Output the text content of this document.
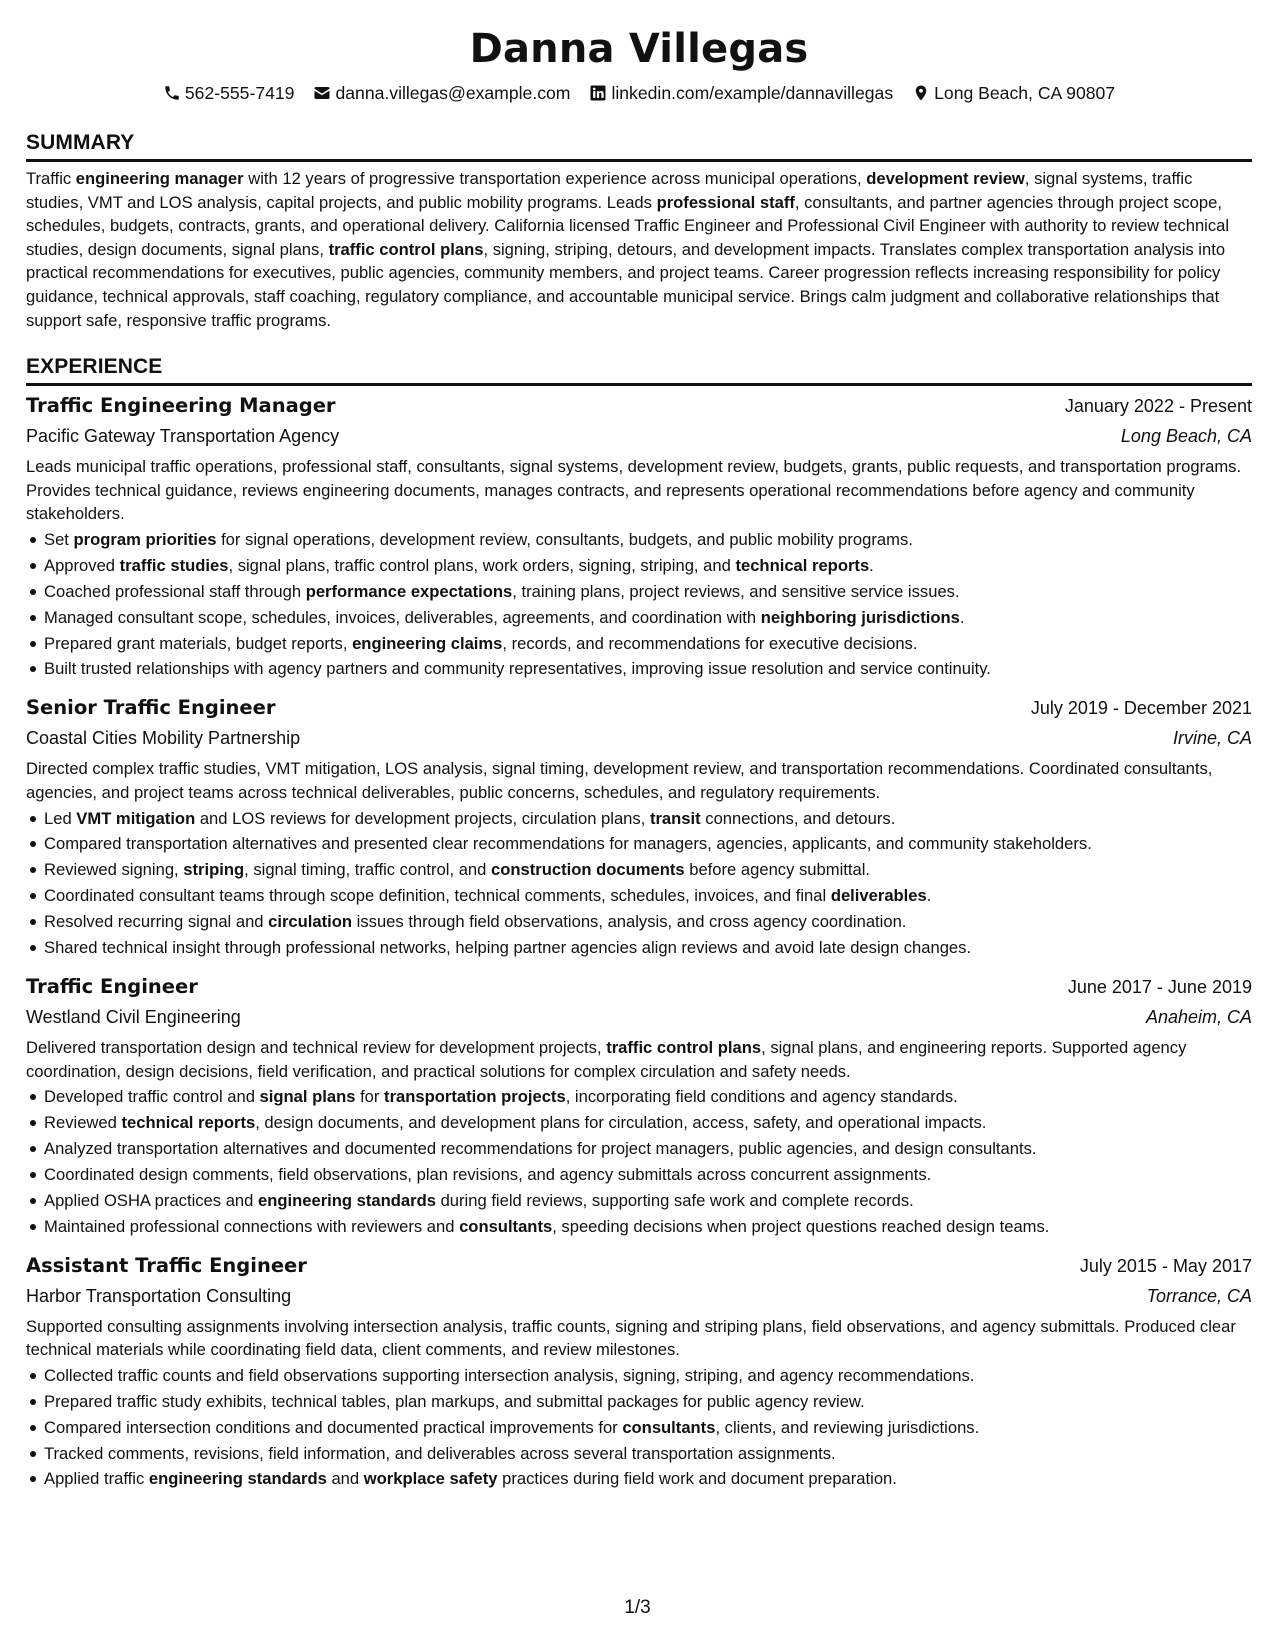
Danna Villegas
562-555-7419 danna.villegas@example.com linkedin.com/example/dannavillegas Long Beach, CA 90807
SUMMARY
Traffic engineering manager with 12 years of progressive transportation experience across municipal operations, development review, signal systems, traffic studies, VMT and LOS analysis, capital projects, and public mobility programs. Leads professional staff, consultants, and partner agencies through project scope, schedules, budgets, contracts, grants, and operational delivery. California licensed Traffic Engineer and Professional Civil Engineer with authority to review technical studies, design documents, signal plans, traffic control plans, signing, striping, detours, and development impacts. Translates complex transportation analysis into practical recommendations for executives, public agencies, community members, and project teams. Career progression reflects increasing responsibility for policy guidance, technical approvals, staff coaching, regulatory compliance, and accountable municipal service. Brings calm judgment and collaborative relationships that support safe, responsive traffic programs.
EXPERIENCE
Traffic Engineering Manager	January 2022 - Present
Pacific Gateway Transportation Agency	Long Beach, CA
Leads municipal traffic operations, professional staff, consultants, signal systems, development review, budgets, grants, public requests, and transportation programs. Provides technical guidance, reviews engineering documents, manages contracts, and represents operational recommendations before agency and community stakeholders.
Set program priorities for signal operations, development review, consultants, budgets, and public mobility programs.
Approved traffic studies, signal plans, traffic control plans, work orders, signing, striping, and technical reports.
Coached professional staff through performance expectations, training plans, project reviews, and sensitive service issues.
Managed consultant scope, schedules, invoices, deliverables, agreements, and coordination with neighboring jurisdictions.
Prepared grant materials, budget reports, engineering claims, records, and recommendations for executive decisions.
Built trusted relationships with agency partners and community representatives, improving issue resolution and service continuity.
Senior Traffic Engineer	July 2019 - December 2021
Coastal Cities Mobility Partnership	Irvine, CA
Directed complex traffic studies, VMT mitigation, LOS analysis, signal timing, development review, and transportation recommendations. Coordinated consultants, agencies, and project teams across technical deliverables, public concerns, schedules, and regulatory requirements.
Led VMT mitigation and LOS reviews for development projects, circulation plans, transit connections, and detours.
Compared transportation alternatives and presented clear recommendations for managers, agencies, applicants, and community stakeholders.
Reviewed signing, striping, signal timing, traffic control, and construction documents before agency submittal.
Coordinated consultant teams through scope definition, technical comments, schedules, invoices, and final deliverables.
Resolved recurring signal and circulation issues through field observations, analysis, and cross agency coordination.
Shared technical insight through professional networks, helping partner agencies align reviews and avoid late design changes.
Traffic Engineer	June 2017 - June 2019
Westland Civil Engineering	Anaheim, CA
Delivered transportation design and technical review for development projects, traffic control plans, signal plans, and engineering reports. Supported agency coordination, design decisions, field verification, and practical solutions for complex circulation and safety needs.
Developed traffic control and signal plans for transportation projects, incorporating field conditions and agency standards.
Reviewed technical reports, design documents, and development plans for circulation, access, safety, and operational impacts.
Analyzed transportation alternatives and documented recommendations for project managers, public agencies, and design consultants.
Coordinated design comments, field observations, plan revisions, and agency submittals across concurrent assignments.
Applied OSHA practices and engineering standards during field reviews, supporting safe work and complete records.
Maintained professional connections with reviewers and consultants, speeding decisions when project questions reached design teams.
Assistant Traffic Engineer	July 2015 - May 2017
Harbor Transportation Consulting	Torrance, CA
Supported consulting assignments involving intersection analysis, traffic counts, signing and striping plans, field observations, and agency submittals. Produced clear technical materials while coordinating field data, client comments, and review milestones.
Collected traffic counts and field observations supporting intersection analysis, signing, striping, and agency recommendations.
Prepared traffic study exhibits, technical tables, plan markups, and submittal packages for public agency review.
Compared intersection conditions and documented practical improvements for consultants, clients, and reviewing jurisdictions.
Tracked comments, revisions, field information, and deliverables across several transportation assignments.
Applied traffic engineering standards and workplace safety practices during field work and document preparation.
1/3
